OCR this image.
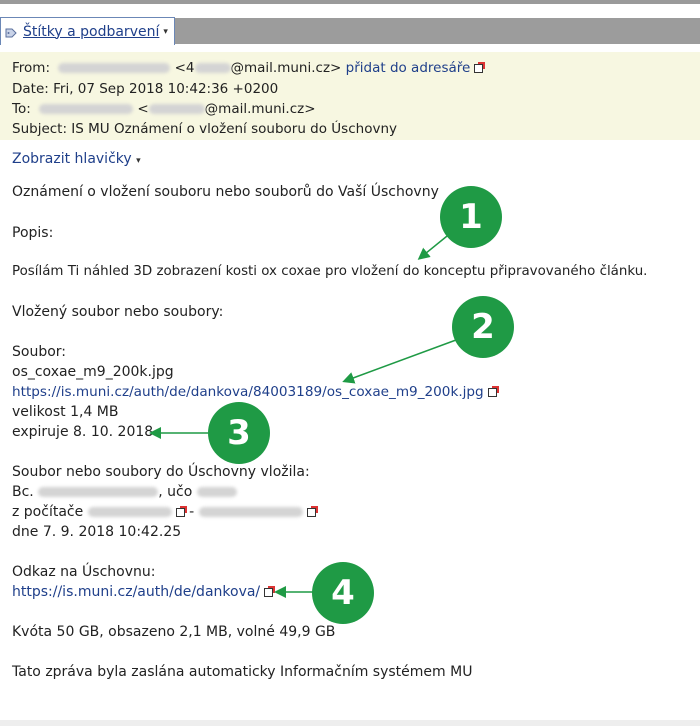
Štítky a podbarvení ▾
From:	<4	@mail.muni.cz> přidat do adresáře
Date: Fri, 07 Sep 2018 10:42:36 +0200
To:	<	@mail.muni.cz>
Subject: IS MU Oznámení o vložení souboru do Úschovny
Zobrazit hlavičky ▾
Oznámení o vložení souboru nebo souborů do Vaší Úschovny
Popis:
Posílám Ti náhled 3D zobrazení kosti ox coxae pro vložení do konceptu připravovaného článku.
Vložený soubor nebo soubory:
Soubor:
os_coxae_m9_200k.jpg
https://is.muni.cz/auth/de/dankova/84003189/os_coxae_m9_200k.jpg
velikost 1,4 MB
expiruje 8. 10. 2018
Soubor nebo soubory do Úschovny vložila:
Bc.	, učo
z počítače	-
dne 7. 9. 2018 10:42.25
Odkaz na Úschovnu:
https://is.muni.cz/auth/de/dankova/
Kvóta 50 GB, obsazeno 2,1 MB, volné 49,9 GB
Tato zpráva byla zaslána automaticky Informačním systémem MU
1
2
3
4
